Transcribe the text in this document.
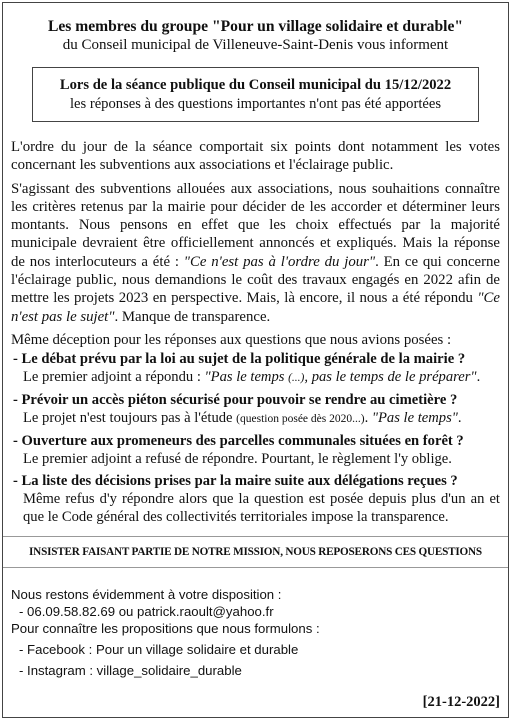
Les membres du groupe "Pour un village solidaire et durable"
du Conseil municipal de Villeneuve-Saint-Denis vous informent
Lors de la séance publique du Conseil municipal du 15/12/2022
les réponses à des questions importantes n'ont pas été apportées

L'ordre du jour de la séance comportait six points dont notamment les votes concernant les subventions aux associations et l'éclairage public.

S'agissant des subventions allouées aux associations, nous souhaitions connaître les critères retenus par la mairie pour décider de les accorder et déterminer leurs montants. Nous pensons en effet que les choix effectués par la majorité municipale devraient être officiellement annoncés et expliqués. Mais la réponse de nos interlocuteurs a été : "Ce n'est pas à l'ordre du jour". En ce qui concerne l'éclairage public, nous demandions le coût des travaux engagés en 2022 afin de mettre les projets 2023 en perspective. Mais, là encore, il nous a été répondu "Ce n'est pas le sujet". Manque de transparence.

Même déception pour les réponses aux questions que nous avions posées :

- Le débat prévu par la loi au sujet de la politique générale de la mairie ?
Le premier adjoint a répondu : "Pas le temps (...), pas le temps de le préparer".
- Prévoir un accès piéton sécurisé pour pouvoir se rendre au cimetière ?
Le projet n'est toujours pas à l'étude (question posée dès 2020...). "Pas le temps".
- Ouverture aux promeneurs des parcelles communales situées en forêt ?
Le premier adjoint a refusé de répondre. Pourtant, le règlement l'y oblige.
- La liste des décisions prises par la maire suite aux délégations reçues ?
Même refus d'y répondre alors que la question est posée depuis plus d'un an et que le Code général des collectivités territoriales impose la transparence.
INSISTER FAISANT PARTIE DE NOTRE MISSION, NOUS REPOSERONS CES QUESTIONS
Nous restons évidemment à votre disposition :
- 06.09.58.82.69 ou patrick.raoult@yahoo.fr
Pour connaître les propositions que nous formulons :
- Facebook : Pour un village solidaire et durable
- Instagram : village_solidaire_durable
[21-12-2022]
